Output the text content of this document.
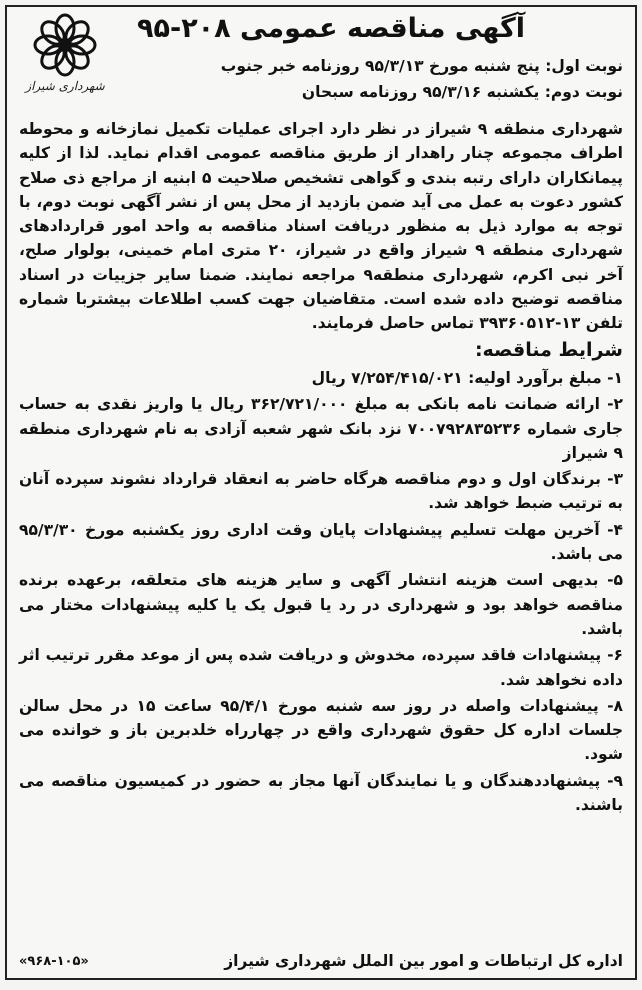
شهرداری شیراز
آگهی مناقصه عمومی ۲۰۸-۹۵
نوبت اول: پنج شنبه مورخ ۹۵/۳/۱۳ روزنامه خبر جنوب
نوبت دوم: یکشنبه ۹۵/۳/۱۶ روزنامه سبحان

شهرداری منطقه ۹ شیراز در نظر دارد اجرای عملیات تکمیل نمازخانه و محوطه اطراف مجموعه چنار راهدار از طریق مناقصه عمومی اقدام نماید. لذا از کلیه پیمانکاران دارای رتبه بندی و گواهی تشخیص صلاحیت ۵ ابنیه از مراجع ذی صلاح کشور دعوت به عمل می آید ضمن بازدید از محل پس از نشر آگهی نوبت دوم، با توجه به موارد ذیل به منظور دریافت اسناد مناقصه به واحد امور قراردادهای شهرداری منطقه ۹ شیراز واقع در شیراز، ۲۰ متری امام خمینی، بولوار صلح، آخر نبی اکرم، شهرداری منطقه۹ مراجعه نمایند. ضمنا سایر جزییات در اسناد مناقصه توضیح داده شده است. متقاضیان جهت کسب اطلاعات بیشتربا شماره تلفن ۱۳-۳۹۳۶۰۵۱۲ تماس حاصل فرمایند.

شرایط مناقصه:

۱- مبلغ برآورد اولیه: ۷/۲۵۴/۴۱۵/۰۲۱ ریال

۲- ارائه ضمانت نامه بانکی به مبلغ ۳۶۲/۷۲۱/۰۰۰ ریال یا واریز نقدی به حساب جاری شماره ۷۰۰۷۹۲۸۳۵۲۳۶ نزد بانک شهر شعبه آزادی به نام شهرداری منطقه ۹ شیراز

۳- برندگان اول و دوم مناقصه هرگاه حاضر به انعقاد قرارداد نشوند سپرده آنان به ترتیب ضبط خواهد شد.

۴- آخرین مهلت تسلیم پیشنهادات پایان وقت اداری روز یکشنبه مورخ ۹۵/۳/۳۰ می باشد.

۵- بدیهی است هزینه انتشار آگهی و سایر هزینه های متعلقه، برعهده برنده مناقصه خواهد بود و شهرداری در رد یا قبول یک یا کلیه پیشنهادات مختار می باشد.

۶- پیشنهادات فاقد سپرده، مخدوش و دریافت شده پس از موعد مقرر ترتیب اثر داده نخواهد شد.

۸- پیشنهادات واصله در روز سه شنبه مورخ ۹۵/۴/۱ ساعت ۱۵ در محل سالن جلسات اداره کل حقوق شهرداری واقع در چهارراه خلدبرین باز و خوانده می شود.

۹- پیشنهاددهندگان و یا نمایندگان آنها مجاز به حضور در کمیسیون مناقصه می باشند.

اداره کل ارتباطات و امور بین الملل شهرداری شیراز
«۹۶۸-۱۰۵»
